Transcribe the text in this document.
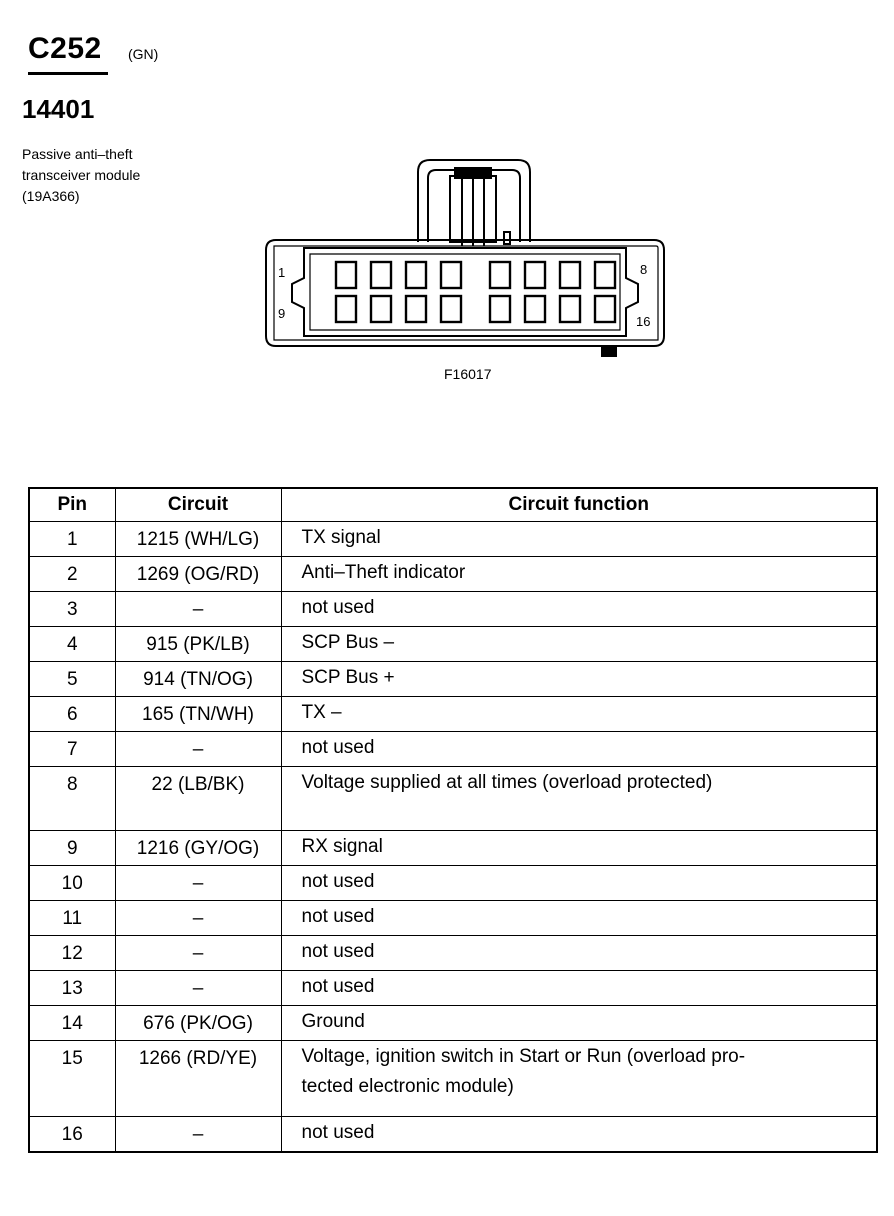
C252 (GN)
14401
Passive anti–theft
transceiver module
(19A366)
1	8
9
16
F16017
Pin	Circuit	Circuit function
1	1215 (WH/LG)	TX signal
2	1269 (OG/RD)	Anti–Theft indicator
3	–	not used
4	915 (PK/LB)	SCP Bus –
5	914 (TN/OG)	SCP Bus +
6	165 (TN/WH)	TX –
7	–	not used
8	22 (LB/BK)	Voltage supplied at all times (overload protected)
9	1216 (GY/OG)	RX signal
10	–	not used
11	–	not used
12	–	not used
13	–	not used
14	676 (PK/OG)	Ground
15	1266 (RD/YE)	Voltage, ignition switch in Start or Run (overload pro-
tected electronic module)
16	–	not used
